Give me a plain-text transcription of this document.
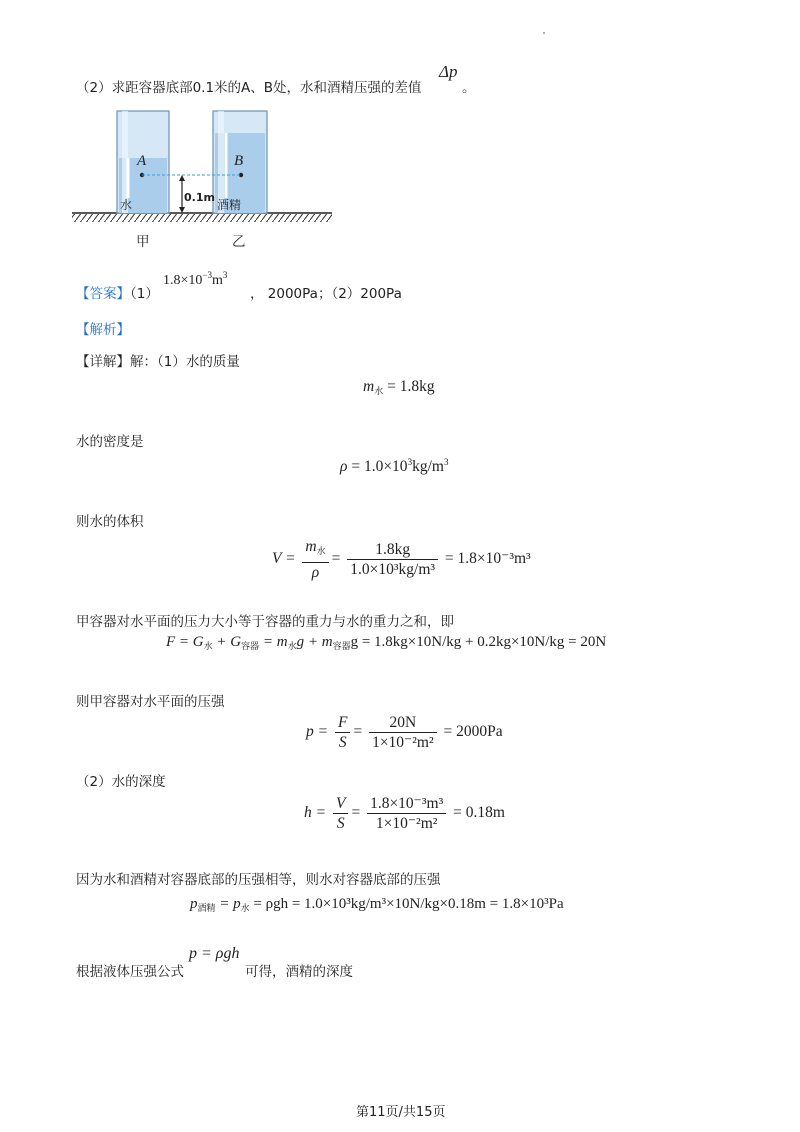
（2）求距容器底部0.1米的A、B处，水和酒精压强的差值
Δp
。
A	B
0.1m
水	酒精
甲	乙
【答案】（1）
$1.8\times 10^{-3}m^3$
， 2000Pa；（2）200Pa
【解析】
【详解】解：（1）水的质量
$m_水 = 1.8kg$
水的密度是
$\rho = 1.0\times 10^3kg/m^3$
则水的体积
$V = \frac{m_水}{\rho} = \frac{1.8kg}{\text{1.0×10³kg/m³}} = 1.8\times 10^{-3}m^3$
甲容器对水平面的压力大小等于容器的重力与水的重力之和，即
$F = G_水 + G_{容器} = m_水g + m_{容器}g = 1.8kg\times 10N/kg + 0.2kg\times 10N/kg = 20N$
则甲容器对水平面的压强
$p = \frac{F}{S} = \frac{20N}{\text{1×10⁻²m²}} = 2000Pa$
（2）水的深度
$h = \frac{V}{S} = \frac{\text{1.8×10⁻³m³}}{\text{1×10⁻²m²}} = 0.18m$
因为水和酒精对容器底部的压强相等，则水对容器底部的压强
$p_{酒精} = p_水 = \rho gh = 1.0\times 10^3kg/m^3\times 10N/kg\times 0.18m = 1.8\times 10^3Pa$
根据液体压强公式
p = ρgh
可得，酒精的深度
第11页/共15页
